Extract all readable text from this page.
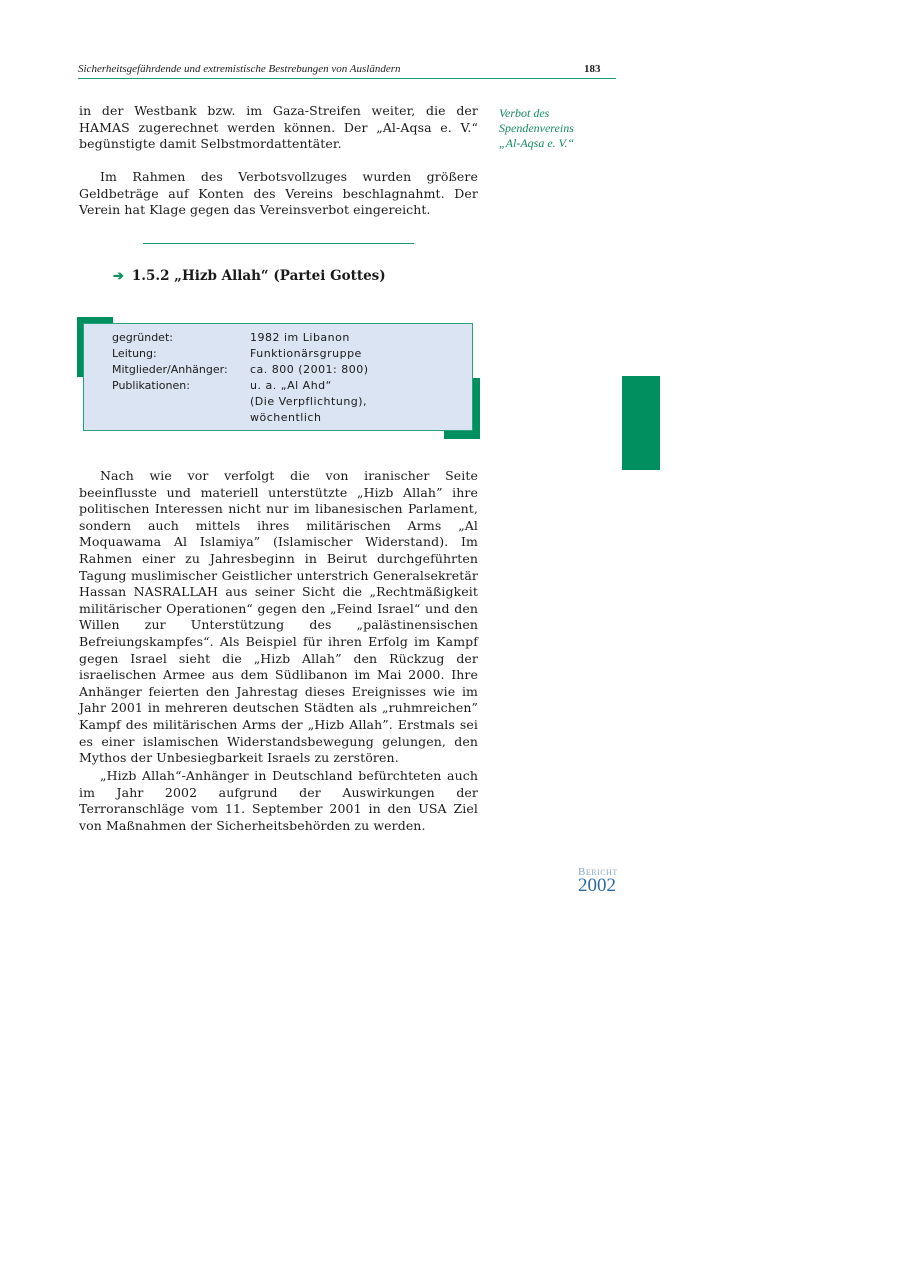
Sicherheitsgefährdende und extremistische Bestrebungen von Ausländern	183
Verbot des
Spendenvereins
„Al-Aqsa e. V.“

in der Westbank bzw. im Gaza-Streifen weiter, die der HAMAS zugerechnet werden können. Der „Al-Aqsa e. V.“ begünstigte damit Selbstmordattentäter.

Im Rahmen des Verbotsvollzuges wurden größere Geldbeträge auf Konten des Vereins beschlagnahmt. Der Verein hat Klage gegen das Vereinsverbot eingereicht.

➔ 1.5.2 „Hizb Allah“ (Partei Gottes)
gegründet:	1982 im Libanon
Leitung:	Funktionärsgruppe
Mitglieder/Anhänger: ca. 800 (2001: 800)
Publikationen:	u. a. „Al Ahd“
(Die Verpflichtung),
wöchentlich

Nach wie vor verfolgt die von iranischer Seite beeinflusste und materiell unterstützte „Hizb Allah” ihre politischen Interessen nicht nur im libanesischen Parlament, sondern auch mittels ihres militärischen Arms „Al Moquawama Al Islamiya” (Islamischer Widerstand). Im Rahmen einer zu Jahresbeginn in Beirut durchgeführten Tagung muslimischer Geistlicher unterstrich Generalsekretär Hassan NASRALLAH aus seiner Sicht die „Rechtmäßigkeit militärischer Operationen“ gegen den „Feind Israel“ und den Willen zur Unterstützung des „palästinensischen Befreiungskampfes“. Als Beispiel für ihren Erfolg im Kampf gegen Israel sieht die „Hizb Allah” den Rückzug der israelischen Armee aus dem Südlibanon im Mai 2000. Ihre Anhänger feierten den Jahrestag dieses Ereignisses wie im Jahr 2001 in mehreren deutschen Städten als „ruhmreichen” Kampf des militärischen Arms der „Hizb Allah”. Erstmals sei es einer islamischen Widerstandsbewegung gelungen, den Mythos der Unbesiegbarkeit Israels zu zerstören.

„Hizb Allah“-Anhänger in Deutschland befürchteten auch im Jahr 2002 aufgrund der Auswirkungen der Terroranschläge vom 11. September 2001 in den USA Ziel von Maßnahmen der Sicherheitsbehörden zu werden.

Bericht
2002
